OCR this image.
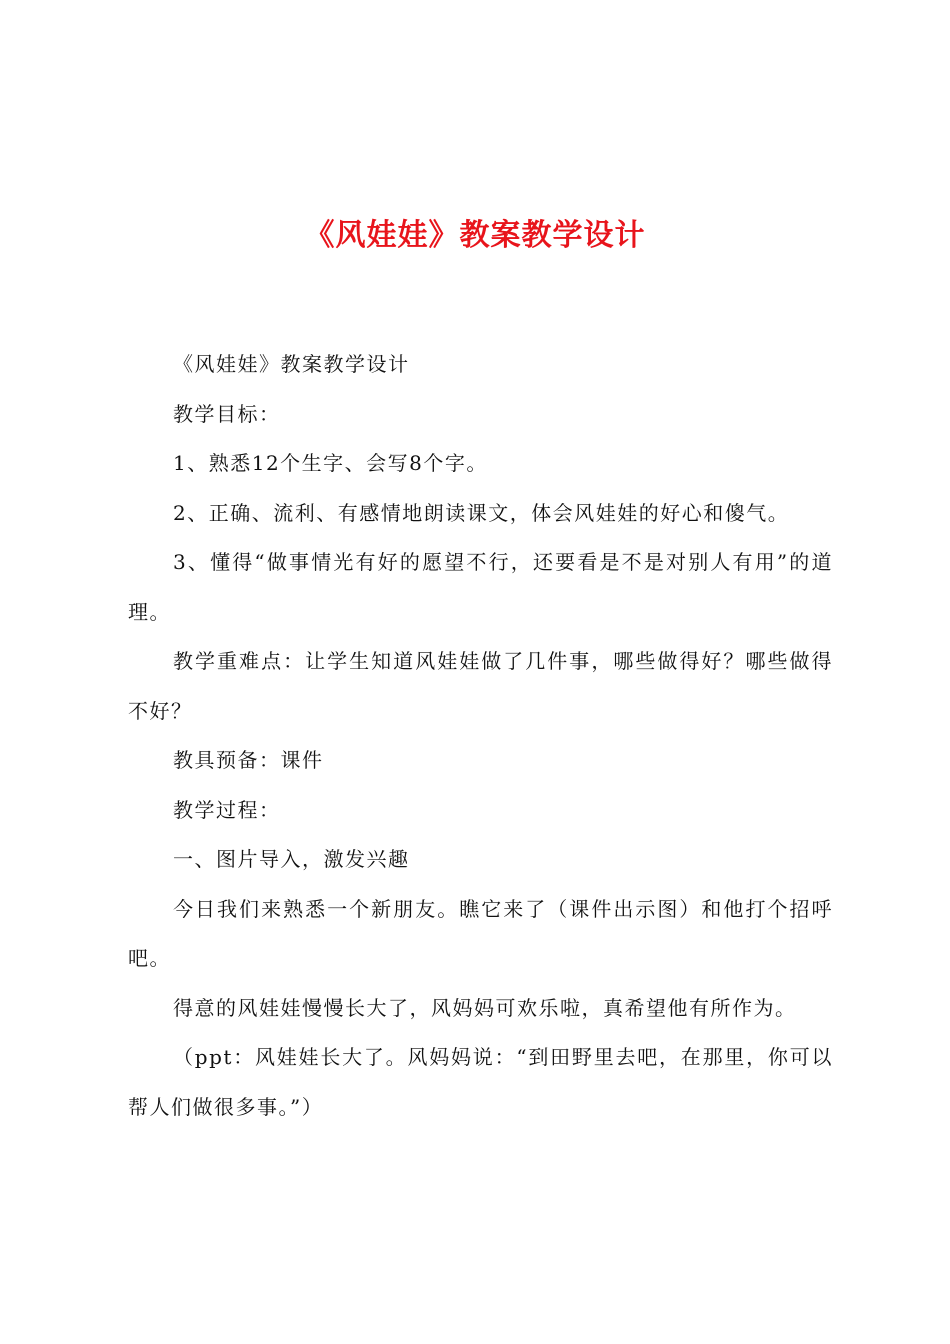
《风娃娃》教案教学设计

《风娃娃》教案教学设计

教学目标：

1、熟悉12个生字、会写8个字。

2、正确、流利、有感情地朗读课文，体会风娃娃的好心和傻气。

3、懂得“做事情光有好的愿望不行，还要看是不是对别人有用”的道理。

教学重难点：让学生知道风娃娃做了几件事，哪些做得好？哪些做得不好？

教具预备：课件

教学过程：

一、图片导入，激发兴趣

今日我们来熟悉一个新朋友。瞧它来了（课件出示图）和他打个招呼吧。

得意的风娃娃慢慢长大了，风妈妈可欢乐啦，真希望他有所作为。

（ppt：风娃娃长大了。风妈妈说：“到田野里去吧，在那里，你可以帮人们做很多事。”）
